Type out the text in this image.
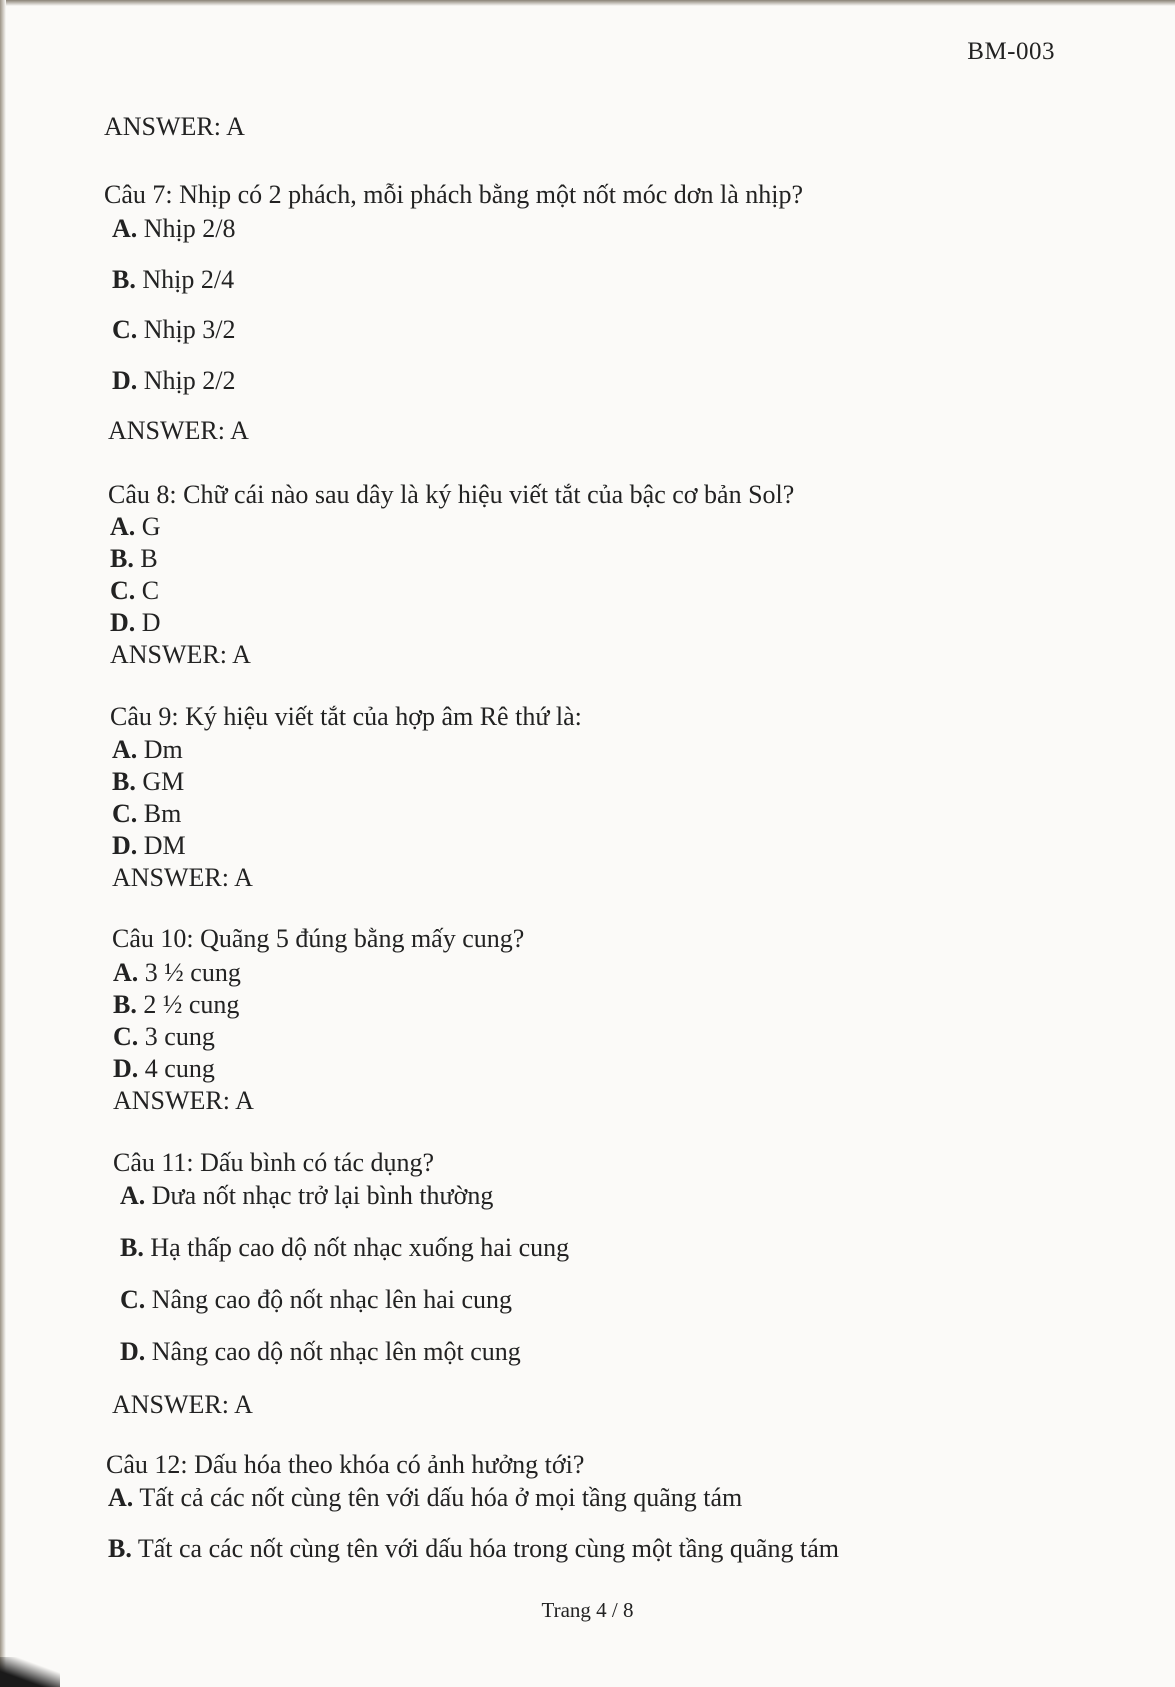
BM-003
ANSWER: A
Câu 7: Nhịp có 2 phách, mỗi phách bằng một nốt móc dơn là nhịp?
A. Nhịp 2/8
B. Nhịp 2/4
C. Nhịp 3/2
D. Nhịp 2/2
ANSWER: A
Câu 8: Chữ cái nào sau dây là ký hiệu viết tắt của bậc cơ bản Sol?
A. G
B. B
C. C
D. D
ANSWER: A
Câu 9: Ký hiệu viết tắt của hợp âm Rê thứ là:
A. Dm
B. GM
C. Bm
D. DM
ANSWER: A
Câu 10: Quãng 5 đúng bằng mấy cung?
A. 3 ½ cung
B. 2 ½ cung
C. 3 cung
D. 4 cung
ANSWER: A
Câu 11: Dấu bình có tác dụng?
A. Dưa nốt nhạc trở lại bình thường
B. Hạ thấp cao dộ nốt nhạc xuống hai cung
C. Nâng cao độ nốt nhạc lên hai cung
D. Nâng cao dộ nốt nhạc lên một cung
ANSWER: A
Câu 12: Dấu hóa theo khóa có ảnh hưởng tới?
A. Tất cả các nốt cùng tên với dấu hóa ở mọi tầng quãng tám
B. Tất ca các nốt cùng tên với dấu hóa trong cùng một tầng quãng tám
Trang 4 / 8
